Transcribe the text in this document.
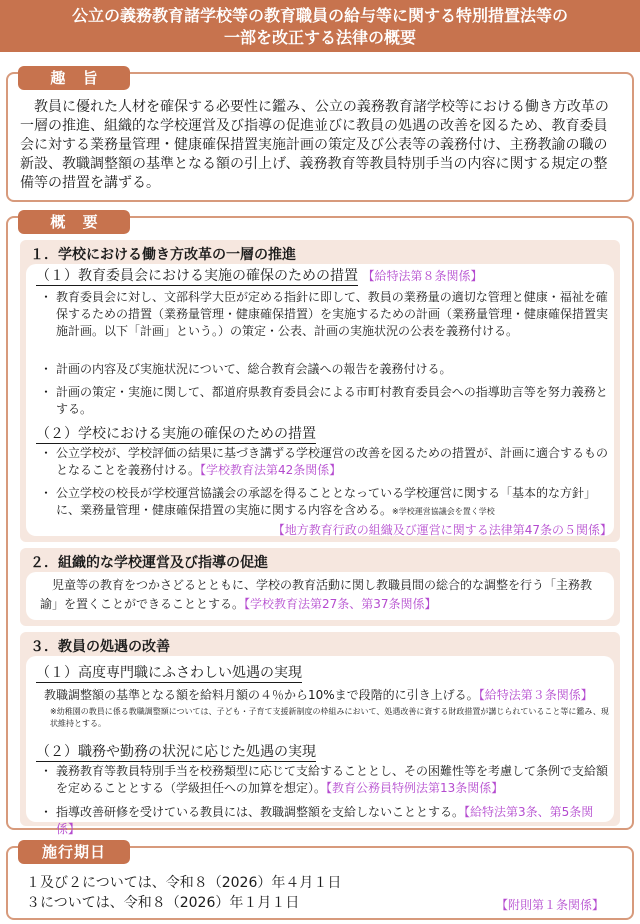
公立の義務教育諸学校等の教育職員の給与等に関する特別措置法等の
一部を改正する法律の概要
趣 旨

教員に優れた人材を確保する必要性に鑑み、公立の義務教育諸学校等における働き方改革の一層の推進、組織的な学校運営及び指導の促進並びに教員の処遇の改善を図るため、教育委員会に対する業務量管理・健康確保措置実施計画の策定及び公表等の義務付け、主務教諭の職の新設、教職調整額の基準となる額の引上げ、義務教育等教員特別手当の内容に関する規定の整備等の措置を講ずる。

概 要
１．学校における働き方改革の一層の推進
（１）教育委員会における実施の確保のための措置 【給特法第８条関係】
・ 教育委員会に対し、文部科学大臣が定める指針に即して、教員の業務量の適切な管理と健康・福祉を確保するための措置（業務量管理・健康確保措置）を実施するための計画（業務量管理・健康確保措置実施計画。以下「計画」という。）の策定・公表、計画の実施状況の公表を義務付ける。
・ 計画の内容及び実施状況について、総合教育会議への報告を義務付ける。
・ 計画の策定・実施に関して、都道府県教育委員会による市町村教育委員会への指導助言等を努力義務とする。
（２）学校における実施の確保のための措置
・ 公立学校が、学校評価の結果に基づき講ずる学校運営の改善を図るための措置が、計画に適合するものとなることを義務付ける。【学校教育法第42条関係】
・ 公立学校の校長が学校運営協議会の承認を得ることとなっている学校運営に関する「基本的な方針」に、業務量管理・健康確保措置の実施に関する内容を含める。※学校運営協議会を置く学校
【地方教育行政の組織及び運営に関する法律第47条の５関係】
２．組織的な学校運営及び指導の促進
児童等の教育をつかさどるとともに、学校の教育活動に関し教職員間の総合的な調整を行う「主務教諭」を置くことができることとする。【学校教育法第27条、第37条関係】
３．教員の処遇の改善
（１）高度専門職にふさわしい処遇の実現
教職調整額の基準となる額を給料月額の４％から10%まで段階的に引き上げる。【給特法第３条関係】
※幼稚園の教員に係る教職調整額については、子ども・子育て支援新制度の枠組みにおいて、処遇改善に資する財政措置が講じられていること等に鑑み、現状維持とする。
（２）職務や勤務の状況に応じた処遇の実現
・ 義務教育等教員特別手当を校務類型に応じて支給することとし、その困難性等を考慮して条例で支給額を定めることとする（学級担任への加算を想定）。【教育公務員特例法第13条関係】
・ 指導改善研修を受けている教員には、教職調整額を支給しないこととする。【給特法第3条、第5条関係】
施行期日
１及び２については、令和８（2026）年４月１日
３については、令和８（2026）年１月１日	【附則第１条関係】
